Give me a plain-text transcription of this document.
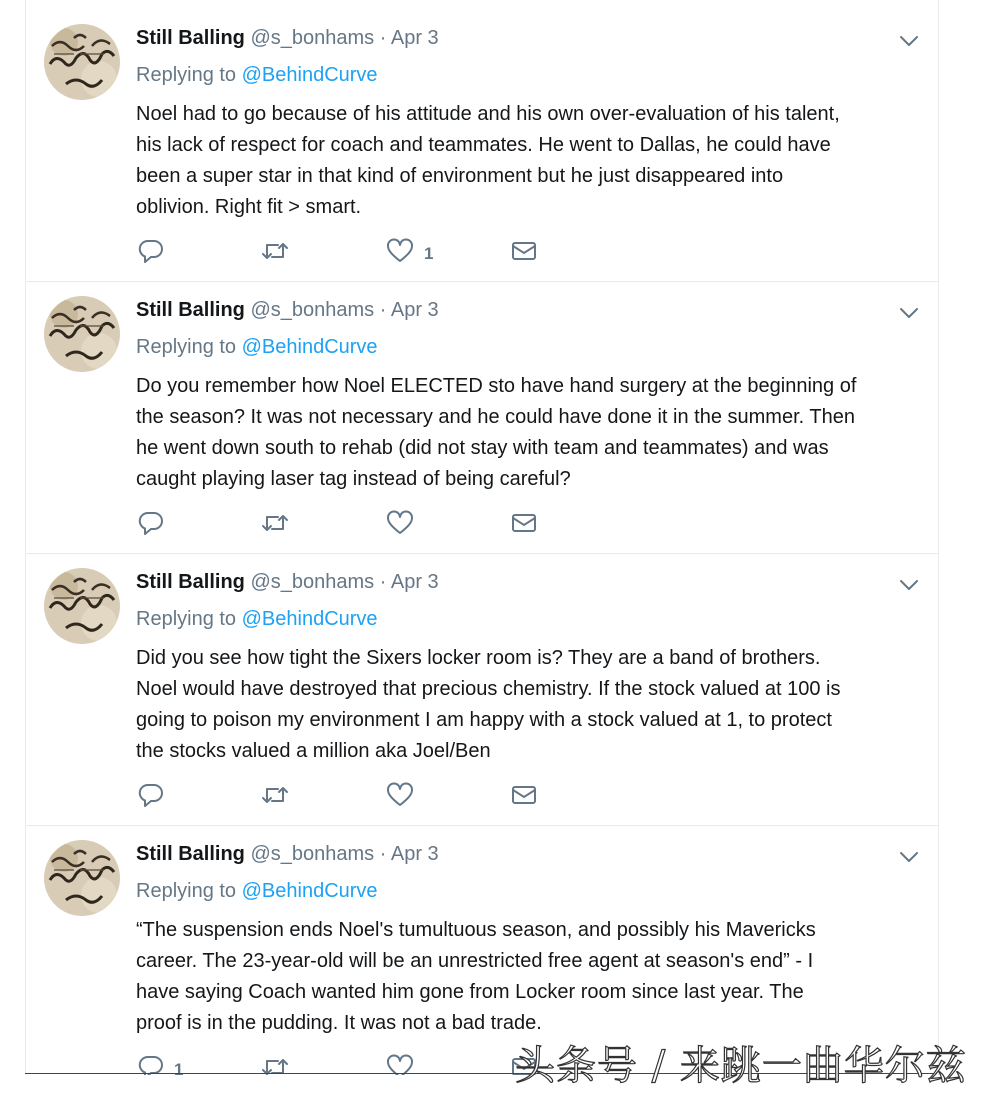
Still Balling @s_bonhams · Apr 3
Replying to @BehindCurve
Noel had to go because of his attitude and his own over-evaluation of his talent,
his lack of respect for coach and teammates. He went to Dallas, he could have
been a super star in that kind of environment but he just disappeared into
oblivion. Right fit > smart.
1
Still Balling @s_bonhams · Apr 3
Replying to @BehindCurve
Do you remember how Noel ELECTED sto have hand surgery at the beginning of
the season? It was not necessary and he could have done it in the summer. Then
he went down south to rehab (did not stay with team and teammates) and was
caught playing laser tag instead of being careful?
Still Balling @s_bonhams · Apr 3
Replying to @BehindCurve
Did you see how tight the Sixers locker room is? They are a band of brothers.
Noel would have destroyed that precious chemistry. If the stock valued at 100 is
going to poison my environment I am happy with a stock valued at 1, to protect
the stocks valued a million aka Joel/Ben
Still Balling @s_bonhams · Apr 3
Replying to @BehindCurve
“The suspension ends Noel's tumultuous season, and possibly his Mavericks
career. The 23-year-old will be an unrestricted free agent at season's end” - I
have saying Coach wanted him gone from Locker room since last year. The
proof is in the pudding. It was not a bad trade.
1	头条号 / 来跳一曲华尔兹
